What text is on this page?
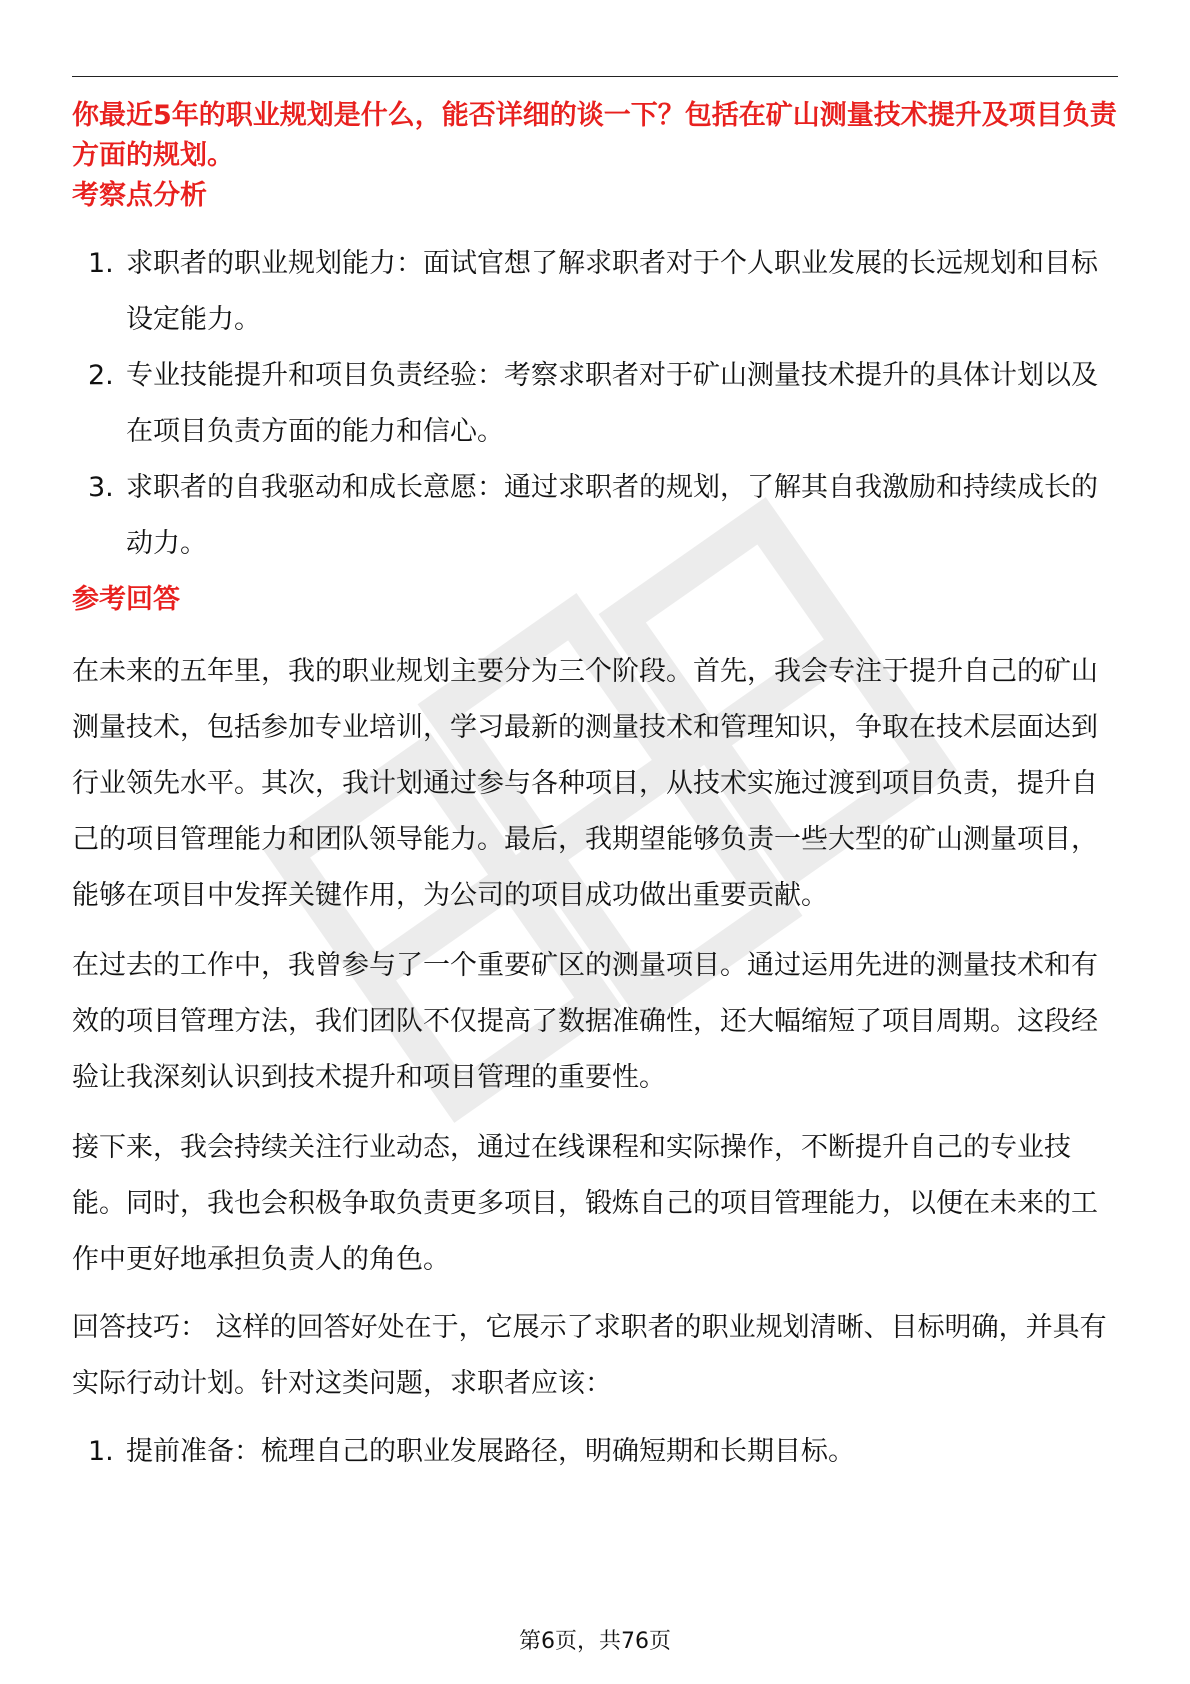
你最近5年的职业规划是什么，能否详细的谈一下？包括在矿山测量技术提升及项目负责方面的规划。
考察点分析
1. 求职者的职业规划能力：面试官想了解求职者对于个人职业发展的长远规划和目标设定能力。
2. 专业技能提升和项目负责经验：考察求职者对于矿山测量技术提升的具体计划以及在项目负责方面的能力和信心。
3. 求职者的自我驱动和成长意愿：通过求职者的规划，了解其自我激励和持续成长的动力。
参考回答

在未来的五年里，我的职业规划主要分为三个阶段。首先，我会专注于提升自己的矿山测量技术，包括参加专业培训，学习最新的测量技术和管理知识，争取在技术层面达到行业领先水平。其次，我计划通过参与各种项目，从技术实施过渡到项目负责，提升自己的项目管理能力和团队领导能力。最后，我期望能够负责一些大型的矿山测量项目，能够在项目中发挥关键作用，为公司的项目成功做出重要贡献。

在过去的工作中，我曾参与了一个重要矿区的测量项目。通过运用先进的测量技术和有效的项目管理方法，我们团队不仅提高了数据准确性，还大幅缩短了项目周期。这段经验让我深刻认识到技术提升和项目管理的重要性。

接下来，我会持续关注行业动态，通过在线课程和实际操作，不断提升自己的专业技能。同时，我也会积极争取负责更多项目，锻炼自己的项目管理能力，以便在未来的工作中更好地承担负责人的角色。

回答技巧： 这样的回答好处在于，它展示了求职者的职业规划清晰、目标明确，并具有实际行动计划。针对这类问题，求职者应该：

1. 提前准备：梳理自己的职业发展路径，明确短期和长期目标。
第6页，共76页
